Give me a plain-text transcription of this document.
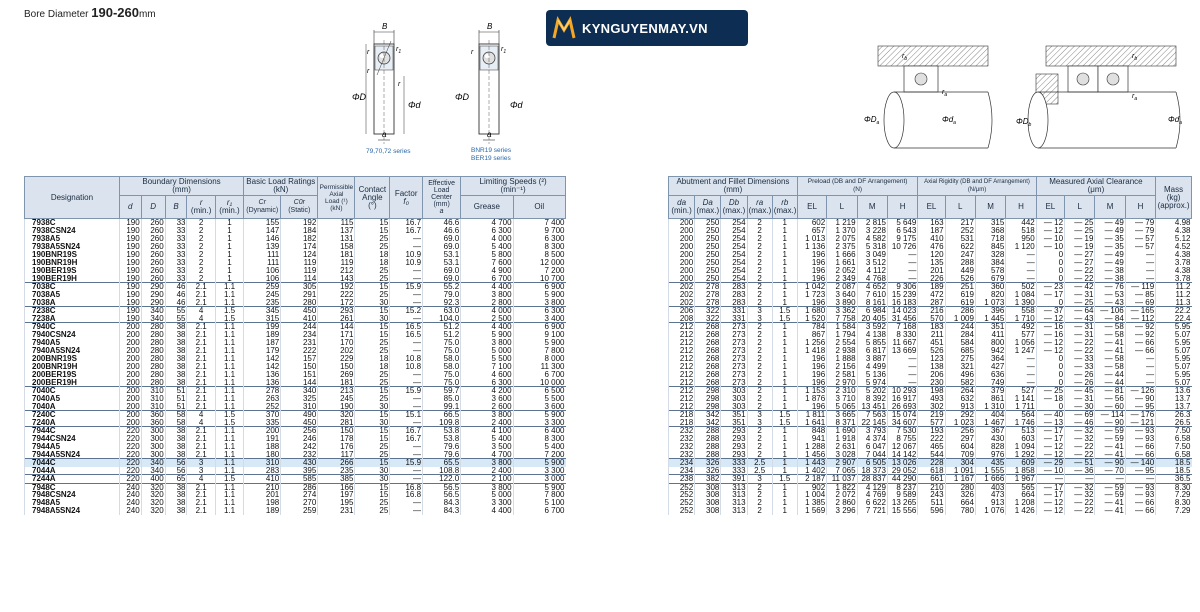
Bore Diameter 190-260mm
KYNGUYENMAY.VN
B
ΦD
Φd
r	$r_1$
r
r
a
79,70,72 series
B
ΦD
Φd
r	$r_1$
a
BNR19 series
BER19 series
$r_b$
$r_a$
$\Phi D_a$	$\Phi d_a$
$r_b$
$r_a$
$\Phi D_b$
$\Phi d_a$
Designation	Boundary Dimensions
(mm)					Basic Load Ratings
(kN)		Permissible
Axial
Load (¹)
(kN)	Contact
Angle
(°)	Factor
f₀	Effective
Load
Center
(mm)
a	Limiting Speeds (²)
(min⁻¹)	
	d	D	B	r
(min.)	r₁
(min.)	Cr
(Dynamic)	C0r
(Static)					Grease	Oil
7938C	190	260	33	2	1	155	192	115	15	16.7	46.6	4 700	7 400
7938CSN24	190	260	33	2	1	147	184	137	15	16.7	46.6	6 300	9 700
7938A5	190	260	33	2	1	146	182	131	25	—	69.0	4 000	6 300
7938A5SN24	190	260	33	2	1	139	174	158	25	—	69.0	5 400	8 300
190BNR19S	190	260	33	2	1	111	124	181	18	10.9	53.1	5 800	8 500
190BNR19H	190	260	33	2	1	111	119	119	18	10.9	53.1	7 600	12 000
190BER19S	190	260	33	2	1	106	119	212	25	—	69.0	4 900	7 200
190BER19H	190	260	33	2	1	106	114	143	25	—	69.0	6 700	10 700
7038C	190	290	46	2.1	1.1	259	305	192	15	15.9	55.2	4 400	6 900
7038A5	190	290	46	2.1	1.1	245	291	222	25	—	79.0	3 800	5 900
7038A	190	290	46	2.1	1.1	235	280	172	30	—	92.3	2 800	3 800
7238C	190	340	55	4	1.5	345	450	293	15	15.2	63.0	4 000	6 300
7238A	190	340	55	4	1.5	315	410	261	30	—	104.0	2 500	3 400
7940C	200	280	38	2.1	1.1	199	244	144	15	16.5	51.2	4 400	6 900
7940CSN24	200	280	38	2.1	1.1	189	234	171	15	16.5	51.2	5 900	9 100
7940A5	200	280	38	2.1	1.1	187	231	170	25	—	75.0	3 800	5 900
7940A5SN24	200	280	38	2.1	1.1	179	222	202	25	—	75.0	5 000	7 800
200BNR19S	200	280	38	2.1	1.1	142	157	229	18	10.8	58.0	5 500	8 000
200BNR19H	200	280	38	2.1	1.1	142	150	150	18	10.8	58.0	7 100	11 300
200BER19S	200	280	38	2.1	1.1	136	151	269	25	—	75.0	4 600	6 700
200BER19H	200	280	38	2.1	1.1	136	144	181	25	—	75.0	6 300	10 000
7040C	200	310	51	2.1	1.1	278	340	213	15	15.9	59.7	4 200	6 500
7040A5	200	310	51	2.1	1.1	263	325	245	25	—	85.0	3 600	5 500
7040A	200	310	51	2.1	1.1	252	310	190	30	—	99.1	2 600	3 600
7240C	200	360	58	4	1.5	370	490	320	15	15.1	66.5	3 800	5 900
7240A	200	360	58	4	1.5	335	450	281	30	—	109.8	2 400	3 300
7944C	220	300	38	2.1	1.1	200	256	150	15	16.7	53.8	4 100	6 400
7944CSN24	220	300	38	2.1	1.1	191	246	178	15	16.7	53.8	5 400	8 300
7944A5	220	300	38	2.1	1.1	188	242	176	25	—	79.6	3 500	5 400
7944A5SN24	220	300	38	2.1	1.1	180	232	117	25	—	79.6	4 700	7 200
7044C	220	340	56	3	1.1	310	430	266	15	15.9	65.5	3 800	5 900
7044A	220	340	56	3	1.1	283	395	235	30	—	108.8	2 400	3 300
7244A	220	400	65	4	1.5	410	585	385	30	—	122.0	2 100	3 000
7948C	240	320	38	2.1	1.1	210	286	166	15	16.8	56.5	3 800	5 900
7948CSN24	240	320	38	2.1	1.1	201	274	197	15	16.8	56.5	5 000	7 800
7948A5	240	320	38	2.1	1.1	198	270	195	25	—	84.3	3 300	5 100
7948A5SN24	240	320	38	2.1	1.1	189	259	231	25	—	84.3	4 400	6 700
Abutment and Fillet Dimensions
(mm)					Preload (DB and DF Arrangement)
(N)				Axial Rigidity (DB and DF Arrangement)
(N/μm)				Measured Axial Clearance
(μm)				Mass
(kg)
(approx.)
da
(min.)	Da
(max.)	Db
(max.)	ra
(max.)	rb
(max.)	EL	L	M	H	EL	L	M	H	EL	L	M	H	
200	250	254	2	1	602	1 219	2 815	5 649	163	217	315	442	— 12	— 25	— 49	— 79	4.98
200	250	254	2	1	657	1 370	3 228	6 543	187	252	368	518	— 12	— 25	— 49	— 79	4.38
200	250	254	2	1	1 013	2 075	4 582	9 175	410	531	718	950	— 10	— 19	— 35	— 57	5.12
200	250	254	2	1	1 136	2 375	5 318	10 726	476	622	845	1 120	— 10	— 19	— 35	— 57	4.52
200	250	254	2	1	196	1 666	3 049	—	120	247	328	—	0	— 27	— 49	—	4.38
200	250	254	2	1	196	1 661	3 512	—	135	288	384	—	0	— 27	— 49	—	3.78
200	250	254	2	1	196	2 052	4 112	—	201	449	578	—	0	— 22	— 38	—	4.38
200	250	254	2	1	196	2 349	4 768	—	226	526	679	—	0	— 22	— 38	—	3.78
202	278	283	2	1	1 042	2 087	4 652	9 306	189	251	360	502	— 23	— 42	— 76	— 119	11.2
202	278	283	2	1	1 723	3 640	7 610	15 239	472	619	820	1 084	— 17	— 31	— 53	— 85	11.2
202	278	283	2	1	196	3 890	8 161	16 183	287	619	1 073	1 390	0	— 25	— 43	— 69	11.3
206	322	331	3	1.5	1 680	3 362	6 984	14 023	216	286	396	558	— 37	— 64	— 106	— 165	22.2
208	322	331	3	1.5	1 520	7 758	20 405	31 456	570	1 009	1 445	1 710	— 12	— 43	— 84	— 112	22.4
212	268	273	2	1	784	1 584	3 592	7 168	183	244	351	492	— 16	— 31	— 58	— 92	5.95
212	268	273	2	1	867	1 794	4 138	8 330	211	284	411	577	— 16	— 31	— 58	— 92	5.07
212	268	273	2	1	1 256	2 554	5 855	11 667	451	584	800	1 056	— 12	— 22	— 41	— 66	5.95
212	268	273	2	1	1 418	2 938	6 817	13 669	526	685	942	1 247	— 12	— 22	— 41	— 66	5.07
212	268	273	2	1	196	1 888	3 887	—	123	275	364	—	0	— 33	— 58	—	5.95
212	268	273	2	1	196	2 156	4 499	—	138	321	427	—	0	— 33	— 58	—	5.07
212	268	273	2	1	196	2 581	5 136	—	206	496	636	—	0	— 26	— 44	—	5.95
212	268	273	2	1	196	2 970	5 974	—	230	582	749	—	0	— 26	— 44	—	5.07
212	298	303	2	1	1 153	2 310	5 202	10 293	198	264	379	527	— 25	— 45	— 81	— 126	13.6
212	298	303	2	1	1 876	3 710	8 392	16 917	493	632	861	1 141	— 18	— 31	— 56	— 90	13.7
212	298	303	2	1	196	5 065	13 451	26 693	302	913	1 310	1 711	0	— 30	— 60	— 95	13.7
218	342	351	3	1.5	1 811	3 665	7 563	15 074	219	292	404	564	— 40	— 69	— 114	— 176	26.3
218	342	351	3	1.5	1 641	8 371	22 145	34 607	577	1 023	1 467	1 746	— 13	— 46	— 90	— 121	26.5
232	288	293	2	1	848	1 690	3 793	7 530	193	256	367	513	— 17	— 32	— 59	— 93	7.50
232	288	293	2	1	941	1 918	4 374	8 755	222	297	430	603	— 17	— 32	— 59	— 93	6.58
232	288	293	2	1	1 288	2 631	6 047	12 067	465	604	828	1 094	— 12	— 22	— 41	— 66	7.50
232	288	293	2	1	1 456	3 028	7 044	14 142	544	709	976	1 292	— 12	— 22	— 41	— 66	6.58
234	326	333	2.5	1	1 443	2 907	6 505	13 026	228	304	435	609	— 29	— 51	— 90	— 140	18.5
234	326	333	2.5	1	1 402	7 065	18 373	29 052	618	1 091	1 555	1 858	— 10	— 36	— 70	— 95	18.5
238	382	391	3	1.5	2 187	11 037	28 837	44 290	661	1 167	1 666	1 967	—	—	—	—	36.5
252	308	313	2	1	902	1 822	4 129	8 237	210	280	403	565	— 17	— 32	— 59	— 93	8.30
252	308	313	2	1	1 004	2 072	4 769	9 589	243	326	473	664	— 17	— 32	— 59	— 93	7.29
252	308	313	2	1	1 385	2 860	6 622	13 265	511	664	913	1 208	— 12	— 22	— 41	— 66	8.30
252	308	313	2	1	1 569	3 296	7 721	15 556	596	780	1 076	1 426	— 12	— 22	— 41	— 66	7.29
